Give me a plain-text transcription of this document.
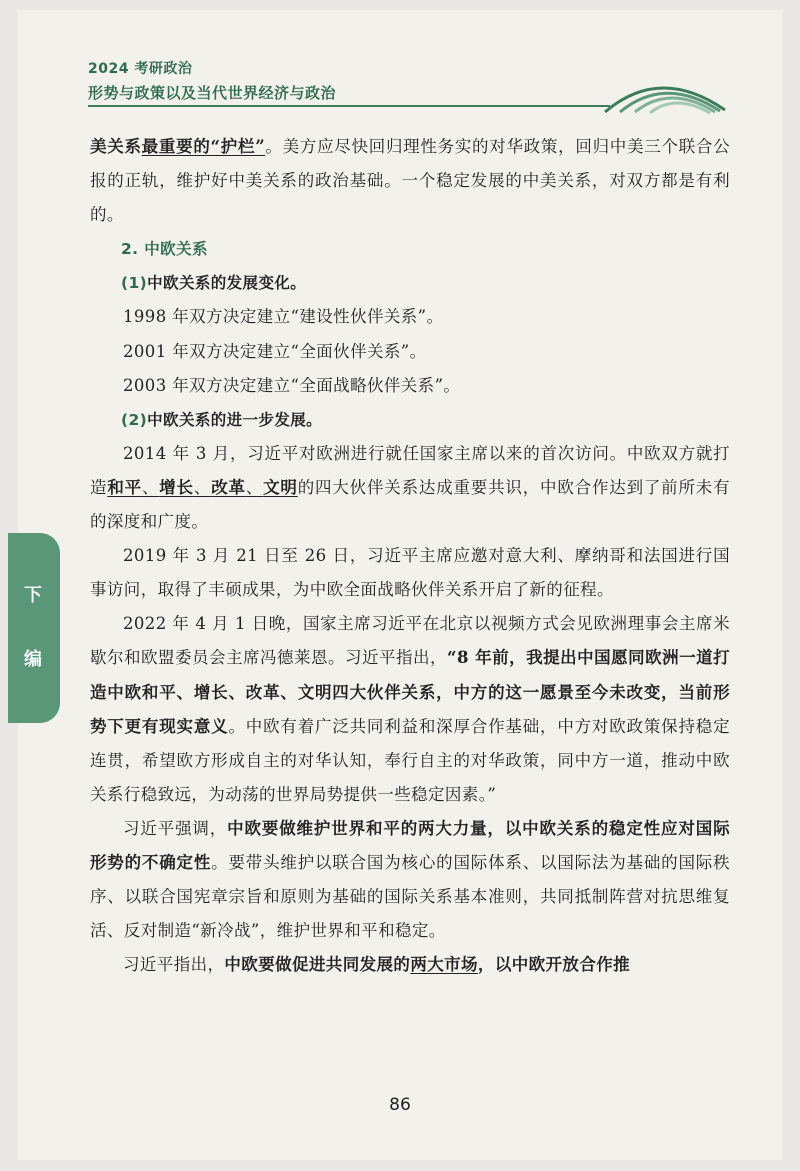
2024 考研政治
形势与政策以及当代世界经济与政治
下
编

美关系最重要的“护栏”。美方应尽快回归理性务实的对华政策，回归中美三个联合公报的正轨，维护好中美关系的政治基础。一个稳定发展的中美关系，对双方都是有利的。

2. 中欧关系

(1)中欧关系的发展变化。

1998 年双方决定建立“建设性伙伴关系”。

2001 年双方决定建立“全面伙伴关系”。

2003 年双方决定建立“全面战略伙伴关系”。

(2)中欧关系的进一步发展。

2014 年 3 月，习近平对欧洲进行就任国家主席以来的首次访问。中欧双方就打造和平、增长、改革、文明的四大伙伴关系达成重要共识，中欧合作达到了前所未有的深度和广度。

2019 年 3 月 21 日至 26 日，习近平主席应邀对意大利、摩纳哥和法国进行国事访问，取得了丰硕成果，为中欧全面战略伙伴关系开启了新的征程。

2022 年 4 月 1 日晚，国家主席习近平在北京以视频方式会见欧洲理事会主席米歇尔和欧盟委员会主席冯德莱恩。习近平指出，“8 年前，我提出中国愿同欧洲一道打造中欧和平、增长、改革、文明四大伙伴关系，中方的这一愿景至今未改变，当前形势下更有现实意义。中欧有着广泛共同利益和深厚合作基础，中方对欧政策保持稳定连贯，希望欧方形成自主的对华认知，奉行自主的对华政策，同中方一道，推动中欧关系行稳致远，为动荡的世界局势提供一些稳定因素。”

习近平强调，中欧要做维护世界和平的两大力量，以中欧关系的稳定性应对国际形势的不确定性。要带头维护以联合国为核心的国际体系、以国际法为基础的国际秩序、以联合国宪章宗旨和原则为基础的国际关系基本准则，共同抵制阵营对抗思维复活、反对制造“新冷战”，维护世界和平和稳定。

习近平指出，中欧要做促进共同发展的两大市场，以中欧开放合作推

86
